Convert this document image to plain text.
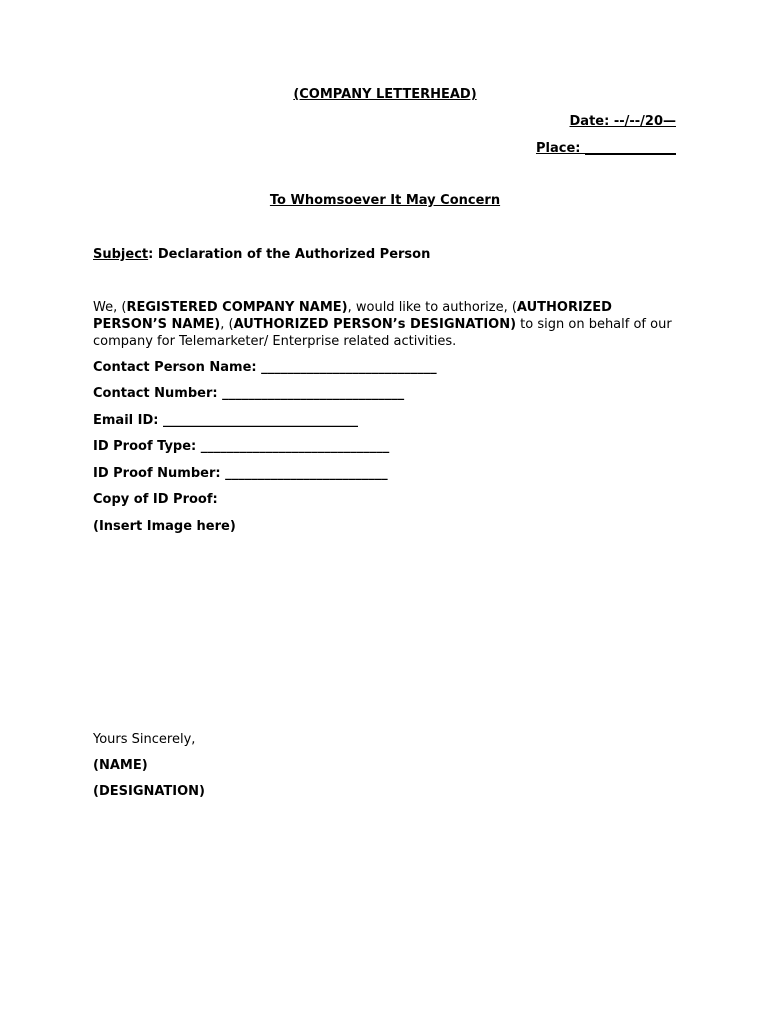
(COMPANY LETTERHEAD)
Date: --/--/20—
Place: ______________
To Whomsoever It May Concern
Subject: Declaration of the Authorized Person
We, (REGISTERED COMPANY NAME), would like to authorize, (AUTHORIZED PERSON’S NAME), (AUTHORIZED PERSON’s DESIGNATION) to sign on behalf of our company for Telemarketer/ Enterprise related activities.
Contact Person Name: ___________________________
Contact Number: ____________________________
Email ID: ______________________________
ID Proof Type: _____________________________
ID Proof Number: _________________________
Copy of ID Proof:
(Insert Image here)
Yours Sincerely,
(NAME)
(DESIGNATION)
